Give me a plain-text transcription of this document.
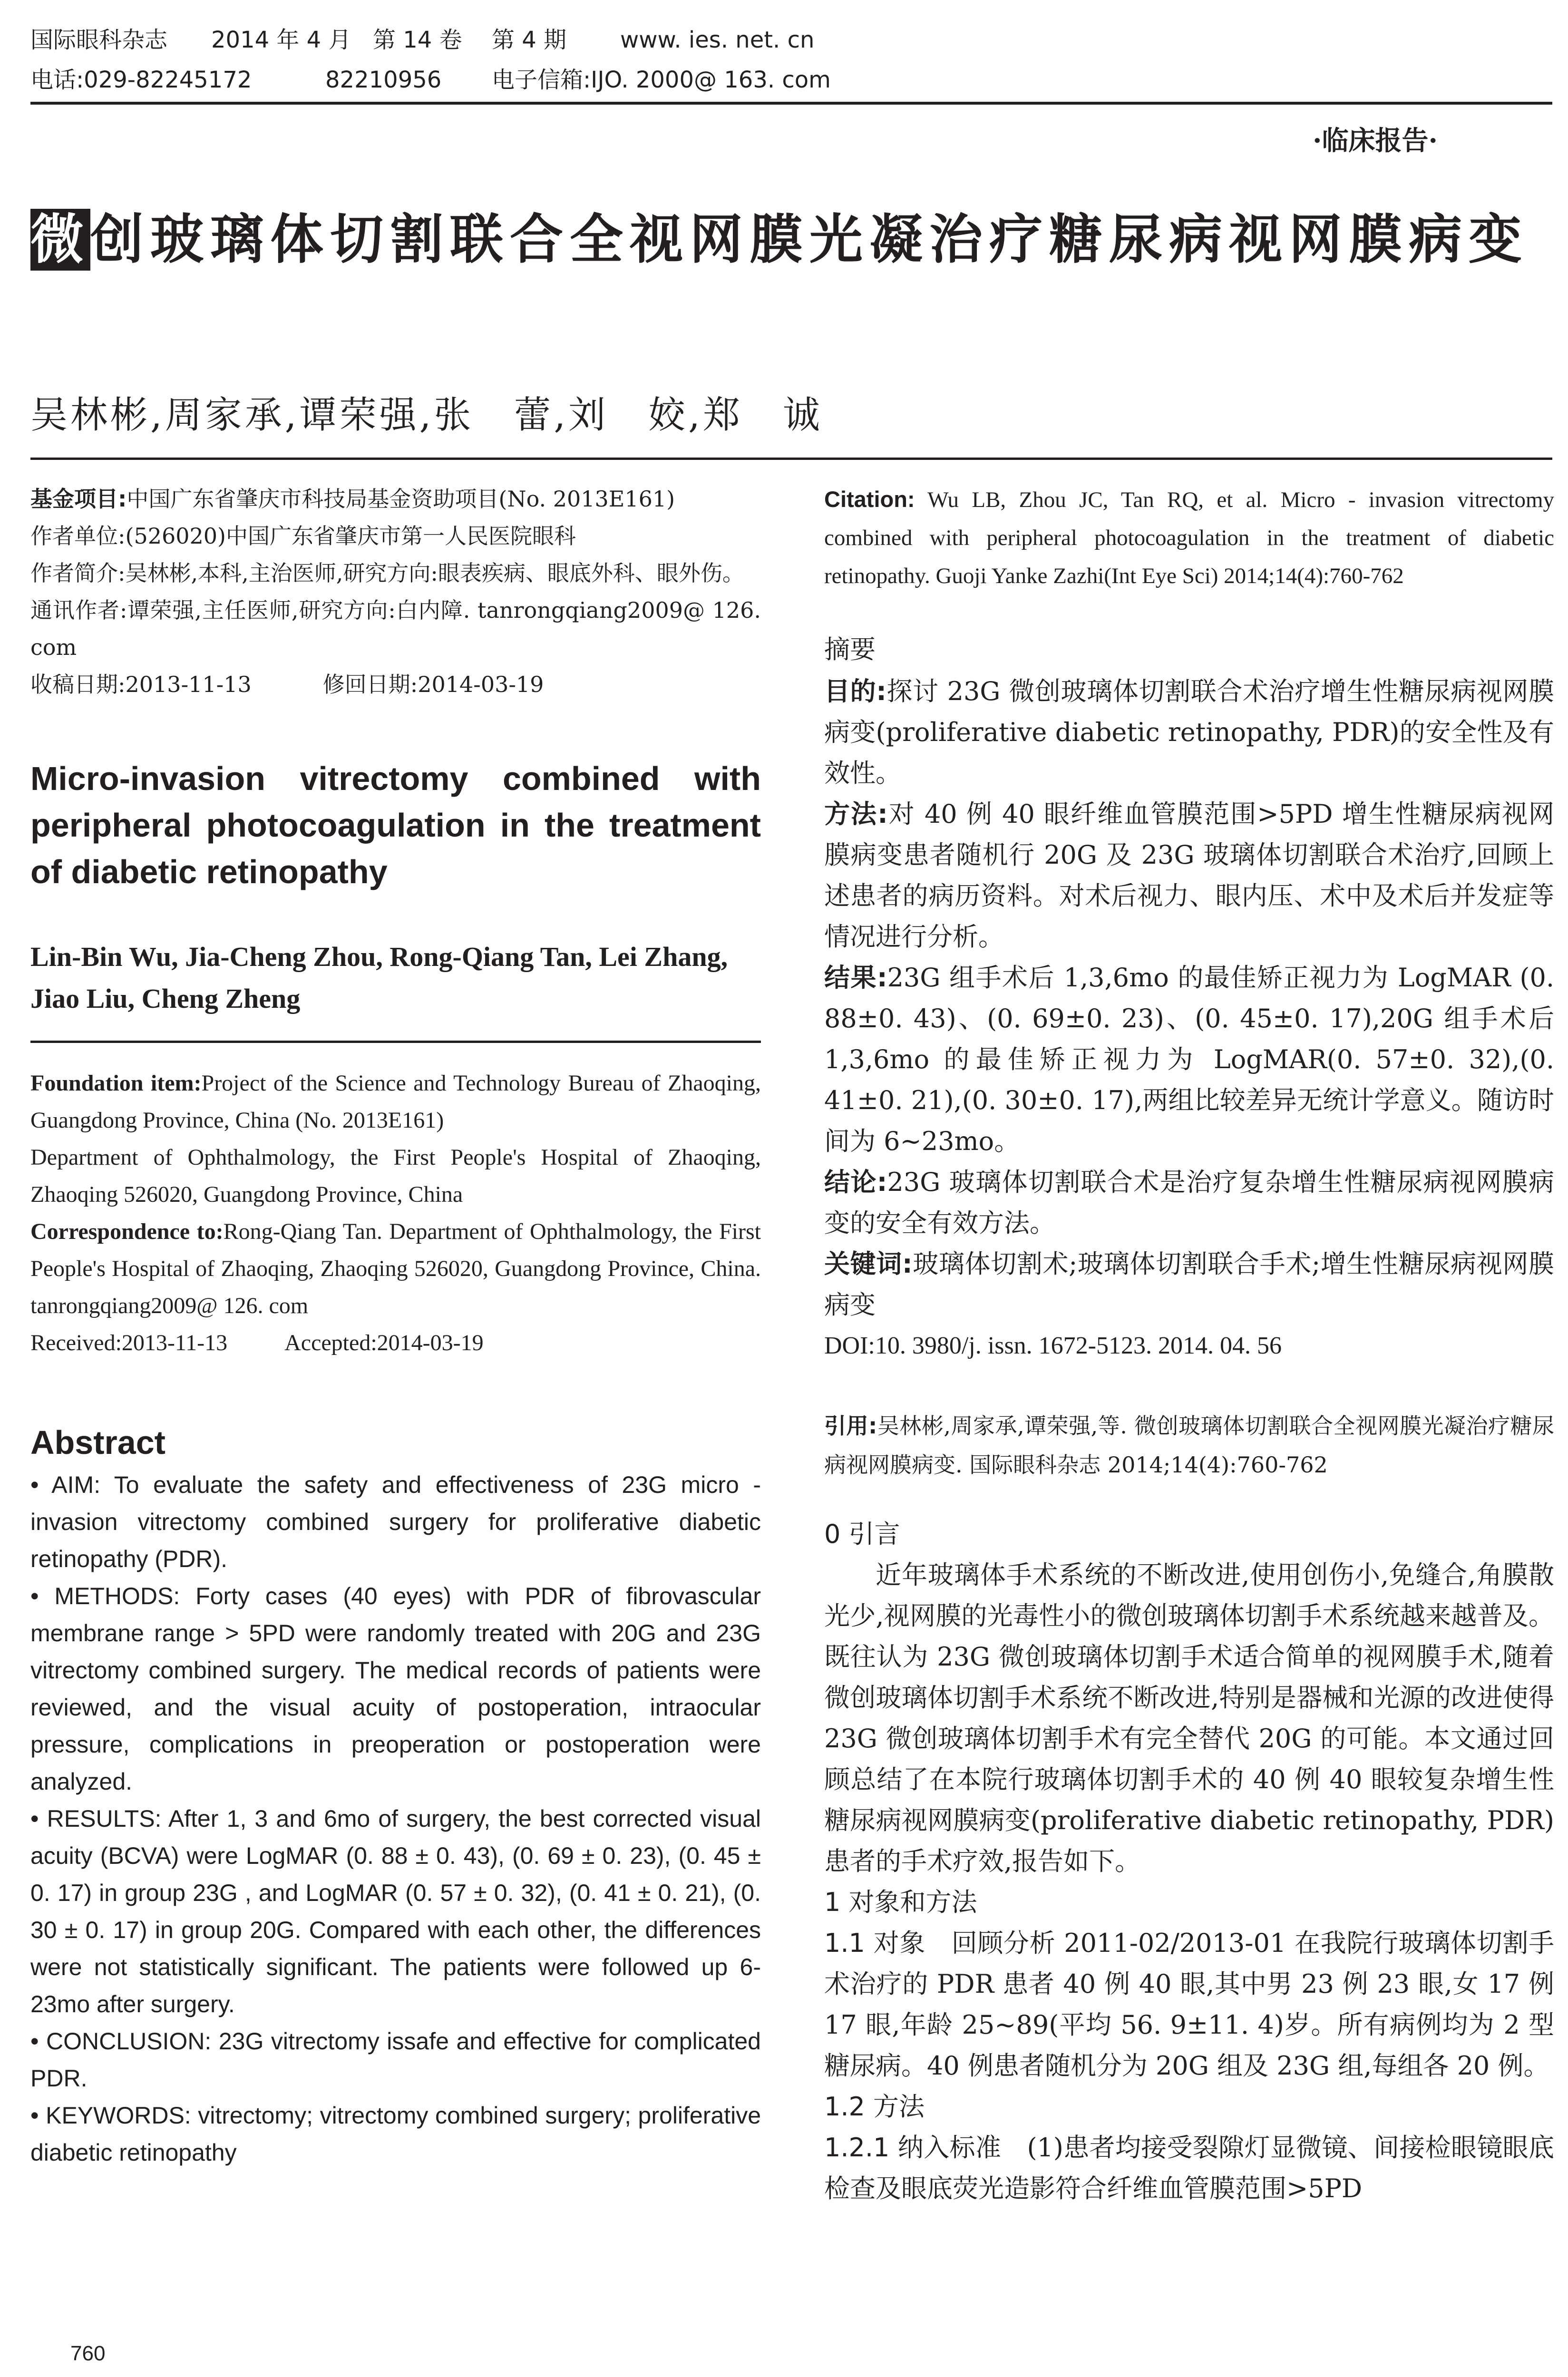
国际眼科杂志 2014 年 4 月 第 14 卷 第 4 期 www. ies. net. cn
电话:029-82245172	82210956 电子信箱:IJO. 2000@ 163. com
·临床报告·
微创玻璃体切割联合全视网膜光凝治疗糖尿病视网膜病变
吴林彬,周家承,谭荣强,张　蕾,刘　姣,郑　诚
基金项目:中国广东省肇庆市科技局基金资助项目(No. 2013E161)
作者单位:(526020)中国广东省肇庆市第一人民医院眼科
作者简介:吴林彬,本科,主治医师,研究方向:眼表疾病、眼底外科、眼外伤。
通讯作者:谭荣强,主任医师,研究方向:白内障. tanrongqiang2009@ 126. com
收稿日期:2013-11-13	修回日期:2014-03-19
Micro-invasion vitrectomy combined with peripheral photocoagulation in the treatment of diabetic retinopathy
Lin-Bin Wu, Jia-Cheng Zhou, Rong-Qiang Tan, Lei Zhang, Jiao Liu, Cheng Zheng
Foundation item:Project of the Science and Technology Bureau of Zhaoqing, Guangdong Province, China (No. 2013E161)
Department of Ophthalmology, the First People's Hospital of Zhaoqing, Zhaoqing 526020, Guangdong Province, China
Correspondence to:Rong-Qiang Tan. Department of Ophthalmology, the First People's Hospital of Zhaoqing, Zhaoqing 526020, Guangdong Province, China. tanrongqiang2009@ 126. com
Received:2013-11-13	Accepted:2014-03-19
Abstract
• AIM: To evaluate the safety and effectiveness of 23G micro - invasion vitrectomy combined surgery for proliferative diabetic retinopathy (PDR).
• METHODS: Forty cases (40 eyes) with PDR of fibrovascular membrane range > 5PD were randomly treated with 20G and 23G vitrectomy combined surgery. The medical records of patients were reviewed, and the visual acuity of postoperation, intraocular pressure, complications in preoperation or postoperation were analyzed.
• RESULTS: After 1, 3 and 6mo of surgery, the best corrected visual acuity (BCVA) were LogMAR (0. 88 ± 0. 43), (0. 69 ± 0. 23), (0. 45 ± 0. 17) in group 23G , and LogMAR (0. 57 ± 0. 32), (0. 41 ± 0. 21), (0. 30 ± 0. 17) in group 20G. Compared with each other, the differences were not statistically significant. The patients were followed up 6-23mo after surgery.
• CONCLUSION: 23G vitrectomy issafe and effective for complicated PDR.
• KEYWORDS: vitrectomy; vitrectomy combined surgery; proliferative diabetic retinopathy
Citation: Wu LB, Zhou JC, Tan RQ, et al. Micro - invasion vitrectomy combined with peripheral photocoagulation in the treatment of diabetic retinopathy. Guoji Yanke Zazhi(Int Eye Sci) 2014;14(4):760-762
摘要
目的:探讨 23G 微创玻璃体切割联合术治疗增生性糖尿病视网膜病变(proliferative diabetic retinopathy, PDR)的安全性及有效性。
方法:对 40 例 40 眼纤维血管膜范围>5PD 增生性糖尿病视网膜病变患者随机行 20G 及 23G 玻璃体切割联合术治疗,回顾上述患者的病历资料。对术后视力、眼内压、术中及术后并发症等情况进行分析。
结果:23G 组手术后 1,3,6mo 的最佳矫正视力为 LogMAR (0. 88±0. 43)、(0. 69±0. 23)、(0. 45±0. 17),20G 组手术后 1,3,6mo 的最佳矫正视力为 LogMAR(0. 57±0. 32),(0. 41±0. 21),(0. 30±0. 17),两组比较差异无统计学意义。随访时间为 6~23mo。
结论:23G 玻璃体切割联合术是治疗复杂增生性糖尿病视网膜病变的安全有效方法。
关键词:玻璃体切割术;玻璃体切割联合手术;增生性糖尿病视网膜病变
DOI:10. 3980/j. issn. 1672-5123. 2014. 04. 56
引用:吴林彬,周家承,谭荣强,等. 微创玻璃体切割联合全视网膜光凝治疗糖尿病视网膜病变. 国际眼科杂志 2014;14(4):760-762
0 引言
近年玻璃体手术系统的不断改进,使用创伤小,免缝合,角膜散光少,视网膜的光毒性小的微创玻璃体切割手术系统越来越普及。既往认为 23G 微创玻璃体切割手术适合简单的视网膜手术,随着微创玻璃体切割手术系统不断改进,特别是器械和光源的改进使得 23G 微创玻璃体切割手术有完全替代 20G 的可能。本文通过回顾总结了在本院行玻璃体切割手术的 40 例 40 眼较复杂增生性糖尿病视网膜病变(proliferative diabetic retinopathy, PDR)患者的手术疗效,报告如下。
1 对象和方法
1.1 对象　回顾分析 2011-02/2013-01 在我院行玻璃体切割手术治疗的 PDR 患者 40 例 40 眼,其中男 23 例 23 眼,女 17 例 17 眼,年龄 25~89(平均 56. 9±11. 4)岁。所有病例均为 2 型糖尿病。40 例患者随机分为 20G 组及 23G 组,每组各 20 例。
1.2 方法
1.2.1 纳入标准　(1)患者均接受裂隙灯显微镜、间接检眼镜眼底检查及眼底荧光造影符合纤维血管膜范围>5PD
760
